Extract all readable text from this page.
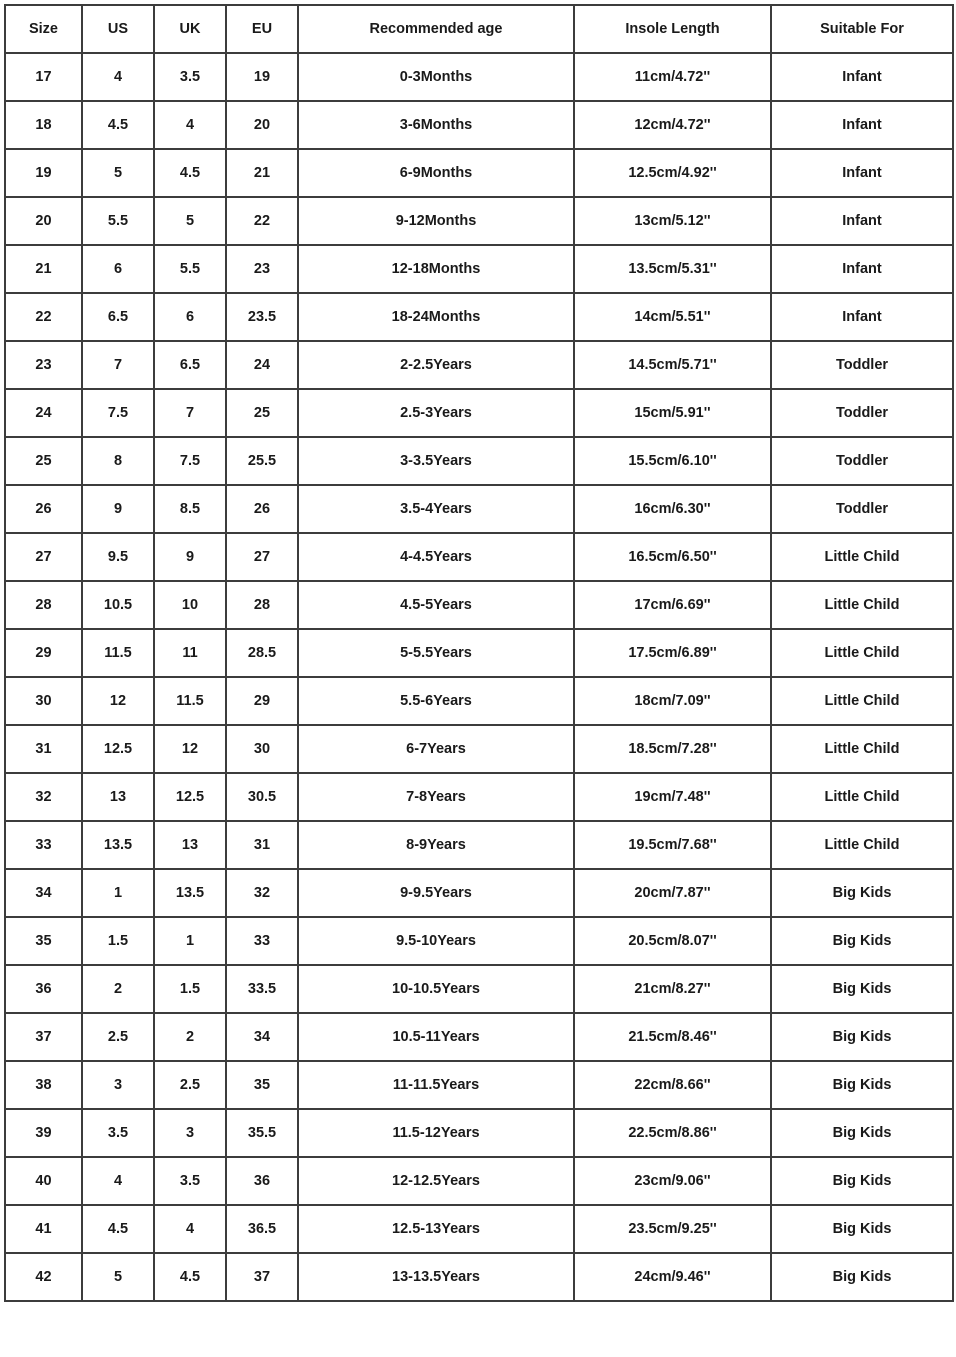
Size	US	UK	EU	Recommended age	Insole Length	Suitable For
17	4	3.5	19	0-3Months	11cm/4.72''	Infant
18	4.5	4	20	3-6Months	12cm/4.72''	Infant
19	5	4.5	21	6-9Months	12.5cm/4.92''	Infant
20	5.5	5	22	9-12Months	13cm/5.12''	Infant
21	6	5.5	23	12-18Months	13.5cm/5.31''	Infant
22	6.5	6	23.5	18-24Months	14cm/5.51''	Infant
23	7	6.5	24	2-2.5Years	14.5cm/5.71''	Toddler
24	7.5	7	25	2.5-3Years	15cm/5.91''	Toddler
25	8	7.5	25.5	3-3.5Years	15.5cm/6.10''	Toddler
26	9	8.5	26	3.5-4Years	16cm/6.30''	Toddler
27	9.5	9	27	4-4.5Years	16.5cm/6.50''	Little Child
28	10.5	10	28	4.5-5Years	17cm/6.69''	Little Child
29	11.5	11	28.5	5-5.5Years	17.5cm/6.89''	Little Child
30	12	11.5	29	5.5-6Years	18cm/7.09''	Little Child
31	12.5	12	30	6-7Years	18.5cm/7.28''	Little Child
32	13	12.5	30.5	7-8Years	19cm/7.48''	Little Child
33	13.5	13	31	8-9Years	19.5cm/7.68''	Little Child
34	1	13.5	32	9-9.5Years	20cm/7.87''	Big Kids
35	1.5	1	33	9.5-10Years	20.5cm/8.07''	Big Kids
36	2	1.5	33.5	10-10.5Years	21cm/8.27''	Big Kids
37	2.5	2	34	10.5-11Years	21.5cm/8.46''	Big Kids
38	3	2.5	35	11-11.5Years	22cm/8.66''	Big Kids
39	3.5	3	35.5	11.5-12Years	22.5cm/8.86''	Big Kids
40	4	3.5	36	12-12.5Years	23cm/9.06''	Big Kids
41	4.5	4	36.5	12.5-13Years	23.5cm/9.25''	Big Kids
42	5	4.5	37	13-13.5Years	24cm/9.46''	Big Kids
